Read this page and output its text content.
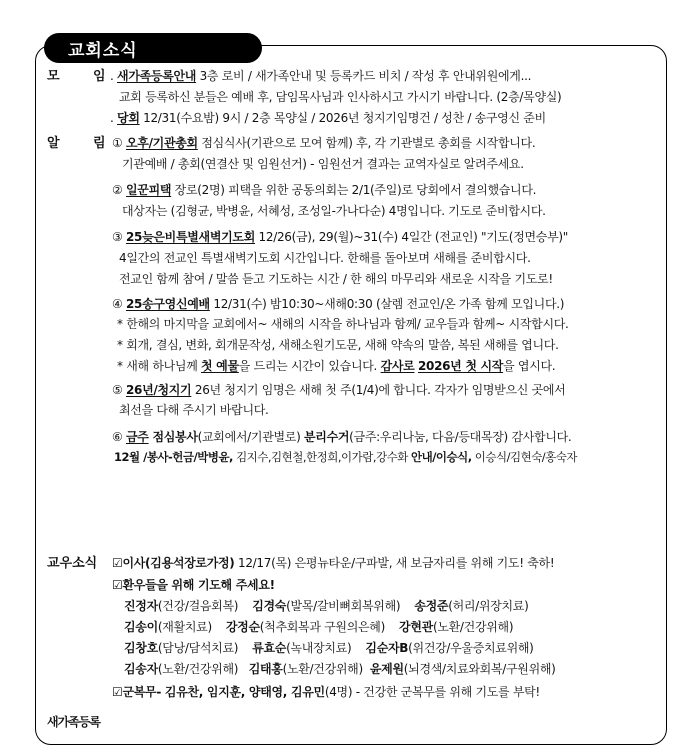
교회소식
모	임 . 새가족등록안내 3층 로비 / 새가족안내 및 등록카드 비치 / 작성 후 안내위원에게...
교회 등록하신 분들은 예배 후, 담임목사님과 인사하시고 가시기 바랍니다. (2층/목양실)
. 당회 12/31(수요밤) 9시 / 2층 목양실 / 2026년 청지기임명건 / 성찬 / 송구영신 준비
알	림 ① 오후/기관총회 점심식사(기관으로 모여 함께) 후, 각 기관별로 총회를 시작합니다.
기관예배 / 총회(연결산 및 임원선거) - 임원선거 결과는 교역자실로 알려주세요.
② 일꾼피택 장로(2명) 피택을 위한 공동의회는 2/1(주일)로 당회에서 결의했습니다.
대상자는 (김형균, 박병윤, 서혜성, 조성일-가나다순) 4명입니다. 기도로 준비합시다.
③ 25늦은비특별새벽기도회 12/26(금), 29(월)~31(수) 4일간 (전교인) "기도(정면승부)"
4일간의 전교인 특별새벽기도회 시간입니다. 한해를 돌아보며 새해를 준비합시다.
전교인 함께 참여 / 말씀 듣고 기도하는 시간 / 한 해의 마무리와 새로운 시작을 기도로!
④ 25송구영신예배 12/31(수) 밤10:30~새해0:30 (살렘 전교인/온 가족 함께 모입니다.)
* 한해의 마지막을 교회에서~ 새해의 시작을 하나님과 함께/ 교우들과 함께~ 시작합시다.
* 회개, 결심, 변화, 회개문작성, 새해소원기도문, 새해 약속의 말씀, 복된 새해를 엽니다.
* 새해 하나님께 첫 예물을 드리는 시간이 있습니다. 감사로 2026년 첫 시작을 엽시다.
⑤ 26년/청지기 26년 청지기 임명은 새해 첫 주(1/4)에 합니다. 각자가 임명받으신 곳에서
최선을 다해 주시기 바랍니다.
⑥ 금주 점심봉사(교회에서/기관별로) 분리수거(금주:우리나눔, 다음/등대목장) 감사합니다.
12월 /봉사-헌금/박병윤, 김지수,김현철,한정희,이가람,강수화 안내/이승식, 이승식/김현숙/홍숙자
교우소식 ☑이사(김용석장로가정) 12/17(목) 은평뉴타운/구파발, 새 보금자리를 위해 기도! 축하!
☑환우들을 위해 기도해 주세요!
진정자(건강/걸음회복) 김경숙(발목/갈비뼈회복위해) 송정준(허리/위장치료)
김송이(재활치료) 강정순(척추회복과 구원의은혜) 강현관(노환/건강위해)
김창호(담낭/담석치료) 류효순(녹내장치료) 김순자B(위건강/우울증치료위해)
김송자(노환/건강위해) 김태홍(노환/건강위해) 윤제원(뇌경색/치료와회복/구원위해)
☑군복무- 김유찬, 임지훈, 양태영, 김유민(4명) - 건강한 군복무를 위해 기도를 부탁!
새가족등록
